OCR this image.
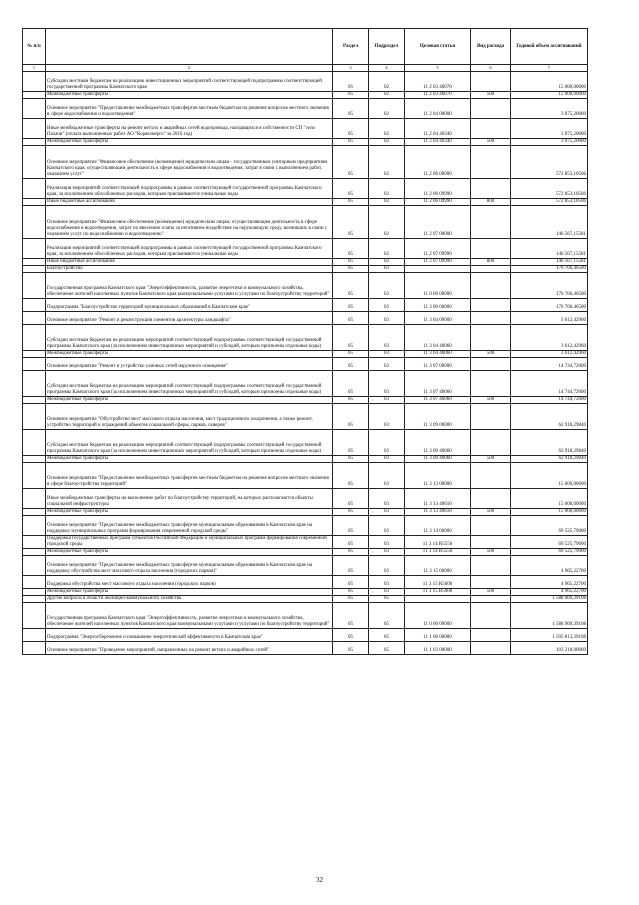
№ п/п		Раздел	Подраздел	Целевая статья	Вид расхода	Годовой объем ассигнований
1	2	3	4	5	6	7
	Субсидии местным бюджетам на реализацию инвестиционных мероприятий соответствующей подпрограммы соответствующей государственной программы Камчатского края	05	02	11 2 03 40070		15 000,00000
	Межбюджетные трансферты	05	02	11 2 03 40070	500	15 000,00000
	Основное мероприятие "Предоставление межбюджетных трансфертов местным бюджетам на решение вопросов местного значения в сфере водоснабжения и водоотведения"	05	02	11 2 04 00000		3 075,20000
	Иные межбюджетные трансферты на ремонт ветхих и аварийных сетей водопровода, находящихся в собственности СП "село Пахачи" (оплата выполненных работ АО "Корякэнерго" за 2016 год)	05	02	11 2 04 40340		3 075,20000
	Межбюджетные трансферты	05	02	11 2 04 40340	500	3 075,20000
	Основное мероприятие "Финансовое обеспечение (возмещение) юридическим лицам - государственным унитарным предприятиям Камчатского края, осуществляющим деятельность в сфере водоснабжения и водоотведения, затрат в связи с выполнением работ, оказанием услуг"	05	02	11 2 06 00000		572 853,10506
	Реализация мероприятий соответствующей подпрограммы в рамках соответствующей государственной программы Камчатского края, за исключением обособленных расходов, которым присваиваются уникальные коды	05	02	11 2 06 09990		572 853,10506
	Иные бюджетные ассигнования	05	02	11 2 06 09990	800	572 853,10506
	Основное мероприятие "Финансовое обеспечение (возмещение) юридическим лицам, осуществляющим деятельность в сфере водоснабжения и водоотведения, затрат по внесению платы за негативное воздействие на окружающую среду, возникших в связи с оказанием услуг по водоснабжению и водоотведению"	05	02	11 2 07 00000		146 567,15581
	Реализация мероприятий соответствующей подпрограммы в рамках соответствующей государственной программы Камчатского края, за исключением обособленных расходов, которым присваиваются уникальные коды	05	02	11 2 07 09990		146 567,15581
	Иные бюджетные ассигнования	05	02	11 2 07 09990	800	146 567,15581
	Благоустройство	05	03			170 766,46500
	Государственная программа Камчатского края "Энергоэффективность, развитие энергетики и коммунального хозяйства, обеспечение жителей населенных пунктов Камчатского края коммунальными услугами и услугами по благоустройству территорий"	05	03	11 0 00 00000		170 766,46500
	Подпрограмма "Благоустройство территорий муниципальных образований в Камчатском крае"	05	03	11 3 00 00000		170 766,46500
	Основное мероприятие "Ремонт и реконструкция элементов архитектуры ландшафта"	05	03	11 3 04 00000		3 612,42960
	Субсидии местным бюджетам на реализацию мероприятий соответствующей подпрограммы соответствующей государственной программы Камчатского края (за исключением инвестиционных мероприятий и субсидий, которым присвоены отдельные коды)	05	03	11 3 04 40060		3 612,42960
	Межбюджетные трансферты	05	03	11 3 04 40060	500	3 612,42960
	Основное мероприятие "Ремонт и устройство уличных сетей наружного освещения"	05	03	11 3 07 00000		14 744,72000
	Субсидии местным бюджетам на реализацию мероприятий соответствующей подпрограммы соответствующей государственной программы Камчатского края (за исключением инвестиционных мероприятий и субсидий, которым присвоены отдельные коды)	05	03	11 3 07 40060		14 744,72000
	Межбюджетные трансферты	05	03	11 3 07 40060	500	14 744,72000
	Основное мероприятие "Обустройство мест массового отдыха населения, мест традиционного захоронения, а также ремонт, устройство территорий и ограждений объектов социальной сферы, парков, скверов"	05	03	11 3 09 00000		62 918,29840
	Субсидии местным бюджетам на реализацию мероприятий соответствующей подпрограммы соответствующей государственной программы Камчатского края (за исключением инвестиционных мероприятий и субсидий, которым присвоены отдельные коды)	05	03	11 3 09 40060		62 918,29840
	Межбюджетные трансферты	05	03	11 3 09 40060	500	62 918,29840
	Основное мероприятие "Предоставление межбюджетных трансфертов местным бюджетам на решение вопросов местного значения в сфере благоустройства территорий"	05	03	11 3 13 00000		15 000,00000
	Иные межбюджетные трансферты на выполнение работ по благоустройству территорий, на которых располагаются объекты социальной инфраструктуры	05	03	11 3 13 40610		15 000,00000
	Межбюджетные трансферты	05	03	11 3 13 40610	500	15 000,00000
	Основное мероприятие "Предоставление межбюджетных трансфертов муниципальным образованиям в Камчатском крае на поддержку муниципальных программ формирования современной городской среды"	05	03	11 3 14 00000		69 525,79000
	Поддержка государственных программ субъектов Российской Федерации и муниципальных программ формирования современной городской среды	05	03	11 3 14 R5550		69 525,79000
	Межбюджетные трансферты	05	03	11 3 14 R5550	500	69 525,79000
	Основное мероприятие "Предоставление межбюджетных трансфертов муниципальным образованиям в Камчатском крае на поддержку обустройства мест массового отдыха населения (городских парков)"	05	03	11 3 15 00000		4 965,22700
	Поддержка обустройства мест массового отдыха населения (городских парков)	05	03	11 3 15 R5600		4 965,22700
	Межбюджетные трансферты	05	03	11 3 15 R5600	500	4 965,22700
	Другие вопросы в области жилищно-коммунального хозяйства	05	05			1 588 969,39108
	Государственная программа Камчатского края "Энергоэффективность, развитие энергетики и коммунального хозяйства, обеспечение жителей населенных пунктов Камчатского края коммунальными услугами и услугами по благоустройству территорий"	05	05	11 0 00 00000		1 588 969,39108
	Подпрограмма "Энергосбережение и повышение энергетической эффективности в Камчатском крае"	05	05	11 1 00 00000		1 505 813,39108
	Основное мероприятие "Проведение мероприятий, направленных на ремонт ветхих и аварийных сетей"	05	05	11 1 03 00000		103 218,00000
32
